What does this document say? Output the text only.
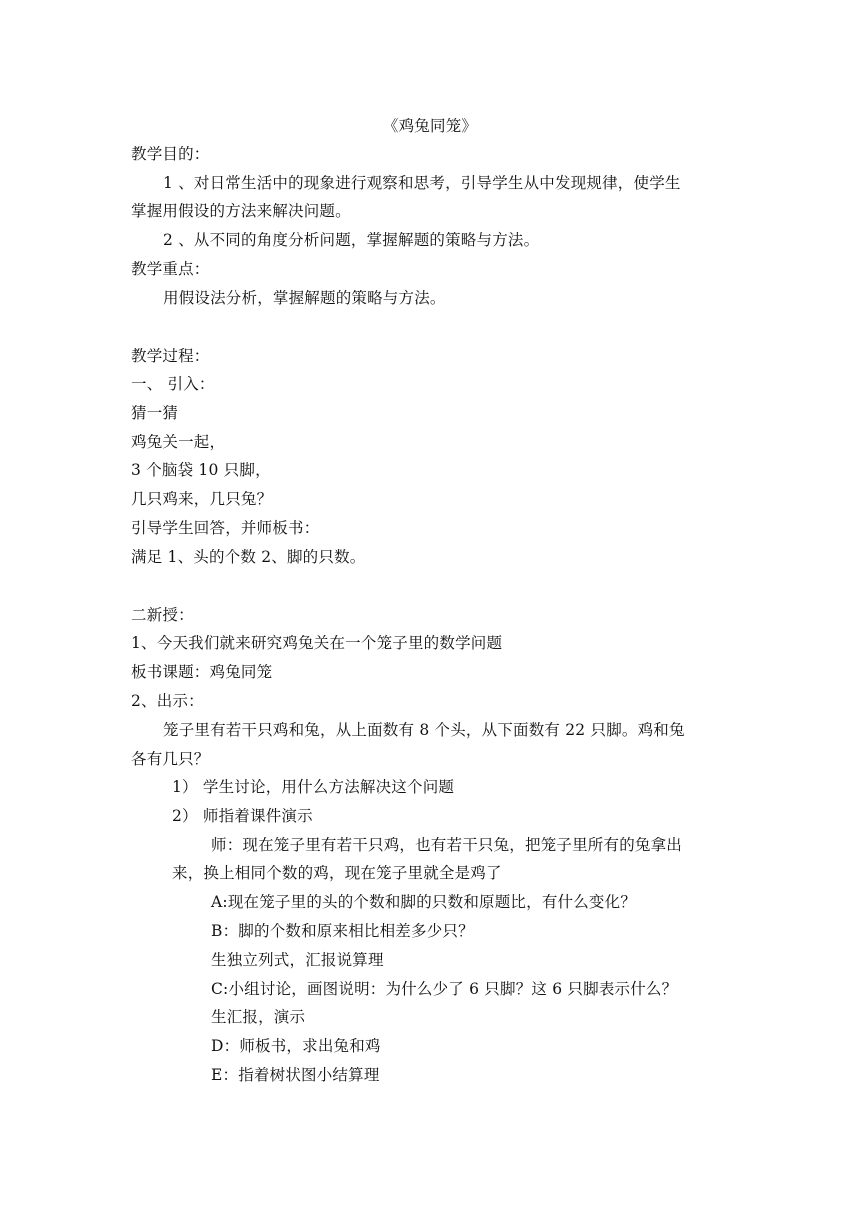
《鸡兔同笼》
教学目的：
1 、对日常生活中的现象进行观察和思考，引导学生从中发现规律，使学生
掌握用假设的方法来解决问题。
2 、从不同的角度分析问题，掌握解题的策略与方法。
教学重点：
用假设法分析，掌握解题的策略与方法。
教学过程：
一、 引入：
猜一猜
鸡兔关一起，
3 个脑袋 10 只脚，
几只鸡来，几只兔？
引导学生回答，并师板书：
满足 1、头的个数 2、脚的只数。
二新授：
1、今天我们就来研究鸡兔关在一个笼子里的数学问题
板书课题：鸡兔同笼
2、出示：
笼子里有若干只鸡和兔，从上面数有 8 个头，从下面数有 22 只脚。鸡和兔
各有几只？
1） 学生讨论，用什么方法解决这个问题
2） 师指着课件演示
师：现在笼子里有若干只鸡，也有若干只兔，把笼子里所有的兔拿出
来，换上相同个数的鸡，现在笼子里就全是鸡了
A:现在笼子里的头的个数和脚的只数和原题比，有什么变化？
B：脚的个数和原来相比相差多少只？
生独立列式，汇报说算理
C:小组讨论，画图说明：为什么少了 6 只脚？这 6 只脚表示什么？
生汇报，演示
D：师板书，求出兔和鸡
E：指着树状图小结算理
